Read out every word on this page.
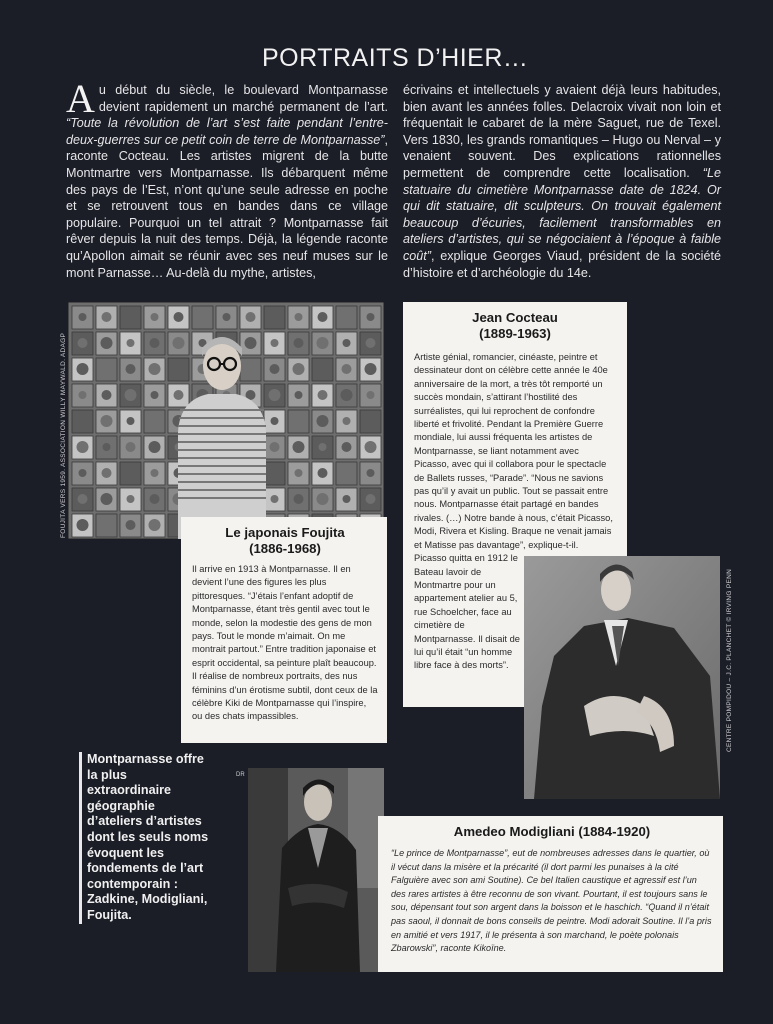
PORTRAITS D’HIER…

Au début du siècle, le boulevard Montparnasse devient rapidement un marché permanent de l’art. “Toute la révolution de l’art s’est faite pendant l’entre-deux-guerres sur ce petit coin de terre de Montparnasse”, raconte Cocteau. Les artistes migrent de la butte Montmartre vers Montparnasse. Ils débarquent même des pays de l’Est, n’ont qu’une seule adresse en poche et se retrouvent tous en bandes dans ce village populaire. Pourquoi un tel attrait ? Montparnasse fait rêver depuis la nuit des temps. Déjà, la légende raconte qu’Apollon aimait se réunir avec ses neuf muses sur le mont Parnasse… Au-delà du mythe, artistes,

écrivains et intellectuels y avaient déjà leurs habitudes, bien avant les années folles. Delacroix vivait non loin et fréquentait le cabaret de la mère Saguet, rue de Texel. Vers 1830, les grands romantiques – Hugo ou Nerval – y venaient souvent. Des explications rationnelles permettent de comprendre cette localisation. “Le statuaire du cimetière Montparnasse date de 1824. Or qui dit statuaire, dit sculpteurs. On trouvait également beaucoup d’écuries, facilement transformables en ateliers d’artistes, qui se négociaient à l’époque à faible coût”, explique Georges Viaud, président de la société d’histoire et d’archéologie du 14e.

FOUJITA VERS 1959. ASSOCIATION WILLY MAYWALD. ADAGP	Le japonais Foujita
(1886-1968)

Il arrive en 1913 à Montparnasse. Il en devient l’une des figures les plus pittoresques. “J’étais l’enfant adoptif de Montparnasse, étant très gentil avec tout le monde, selon la modestie des gens de mon pays. Tout le monde m’aimait. On me montrait partout.” Entre tradition japonaise et esprit occidental, sa peinture plaît beaucoup. Il réalise de nombreux portraits, des nus féminins d’un érotisme subtil, dont ceux de la célèbre Kiki de Montparnasse qui l’inspire, ou des chats impassibles.

Jean Cocteau
(1889-1963)

Artiste génial, romancier, cinéaste, peintre et dessinateur dont on célèbre cette année le 40e anniversaire de la mort, a très tôt remporté un succès mondain, s’attirant l’hostilité des surréalistes, qui lui reprochent de confondre liberté et frivolité. Pendant la Première Guerre mondiale, lui aussi fréquenta les artistes de Montparnasse, se liant notamment avec Picasso, avec qui il collabora pour le spectacle de Ballets russes, “Parade”. “Nous ne savions pas qu’il y avait un public. Tout se passait entre nous. Montparnasse était partagé en bandes rivales. (…) Notre bande à nous, c’était Picasso, Modi, Rivera et Kisling. Braque ne venait jamais et Matisse pas davantage”, explique-t-il.

Picasso quitta en 1912 le Bateau lavoir de Montmartre pour un appartement atelier au 5, rue Schoelcher, face au cimetière de Montparnasse. Il disait de lui qu’il était “un homme libre face à des morts”.	CENTRE POMPIDOU – J.C. PLANCHET © IRVING PENN
Montparnasse offre la plus extraordinaire géographie d’ateliers d’artistes dont les seuls noms évoquent les fondements de l’art contemporain : Zadkine, Modigliani, Foujita.
DR
Amedeo Modigliani (1884-1920)

“Le prince de Montparnasse”, eut de nombreuses adresses dans le quartier, où il vécut dans la misère et la précarité (il dort parmi les punaises à la cité Falguière avec son ami Soutine). Ce bel Italien caustique et agressif est l’un des rares artistes à être reconnu de son vivant. Pourtant, il est toujours sans le sou, dépensant tout son argent dans la boisson et le haschich. “Quand il n’était pas saoul, il donnait de bons conseils de peintre. Modi adorait Soutine. Il l’a pris en amitié et vers 1917, il le présenta à son marchand, le poète polonais Zbarowski”, raconte Kikoïne.
